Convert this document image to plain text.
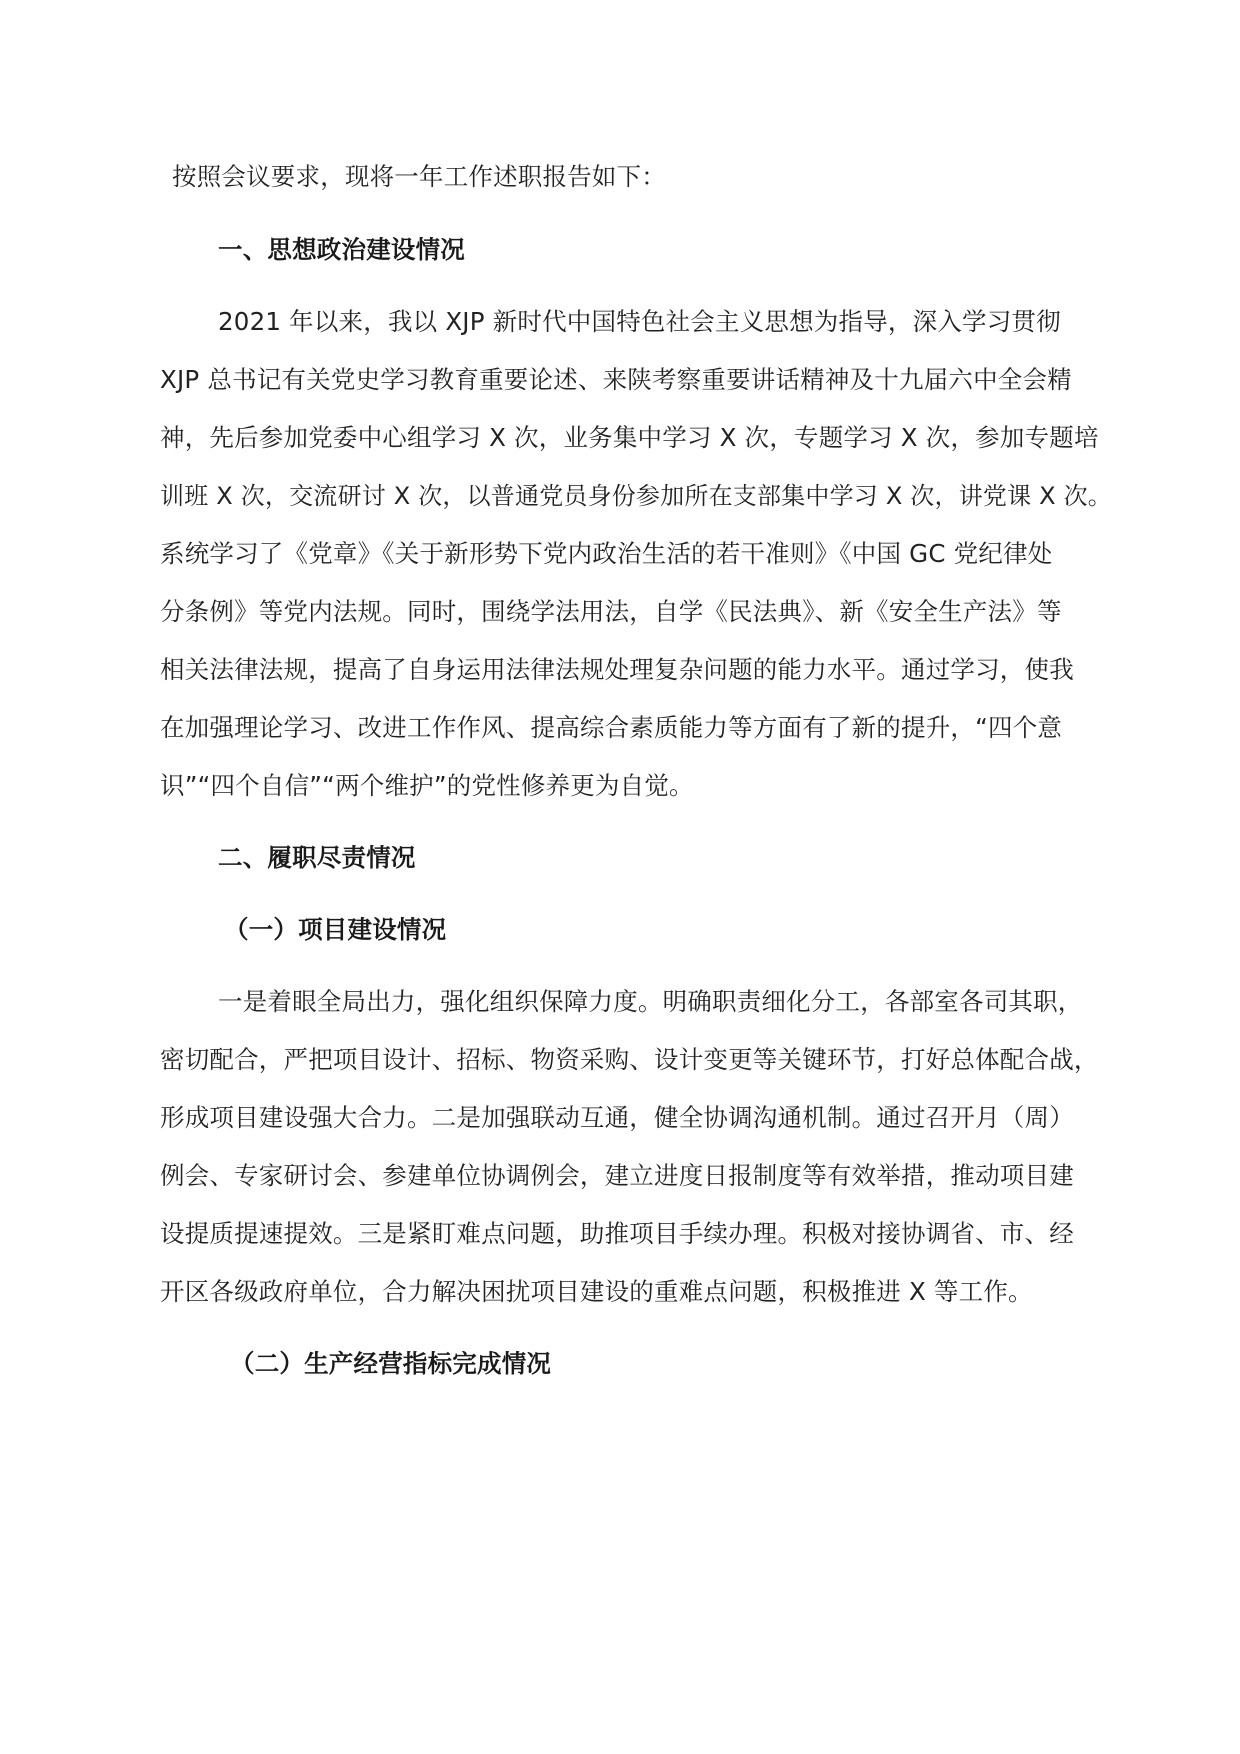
按照会议要求，现将一年工作述职报告如下：
一、思想政治建设情况
2021 年以来，我以 XJP 新时代中国特色社会主义思想为指导，深入学习贯彻
XJP 总书记有关党史学习教育重要论述、来陕考察重要讲话精神及十九届六中全会精
神，先后参加党委中心组学习 X 次，业务集中学习 X 次，专题学习 X 次，参加专题培
训班 X 次，交流研讨 X 次，以普通党员身份参加所在支部集中学习 X 次，讲党课 X 次。
系统学习了《党章》《关于新形势下党内政治生活的若干准则》《中国 GC 党纪律处
分条例》等党内法规。同时，围绕学法用法，自学《民法典》、新《安全生产法》等
相关法律法规，提高了自身运用法律法规处理复杂问题的能力水平。通过学习，使我
在加强理论学习、改进工作作风、提高综合素质能力等方面有了新的提升，“四个意
识”“四个自信”“两个维护”的党性修养更为自觉。
二、履职尽责情况
（一）项目建设情况
一是着眼全局出力，强化组织保障力度。明确职责细化分工，各部室各司其职，
密切配合，严把项目设计、招标、物资采购、设计变更等关键环节，打好总体配合战，
形成项目建设强大合力。二是加强联动互通，健全协调沟通机制。通过召开月（周）
例会、专家研讨会、参建单位协调例会，建立进度日报制度等有效举措，推动项目建
设提质提速提效。三是紧盯难点问题，助推项目手续办理。积极对接协调省、市、经
开区各级政府单位，合力解决困扰项目建设的重难点问题，积极推进 X 等工作。
（二）生产经营指标完成情况
